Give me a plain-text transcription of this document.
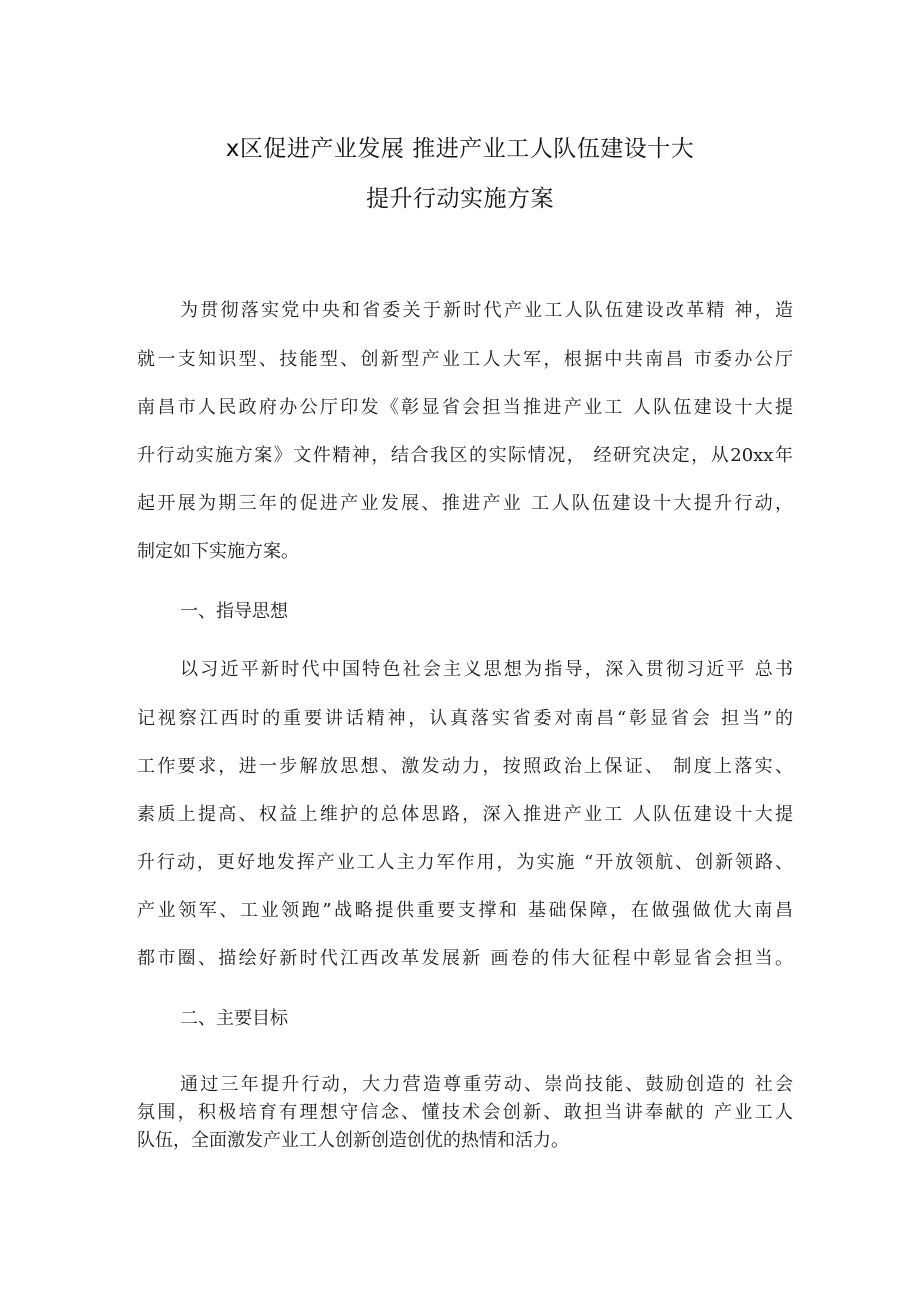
x区促进产业发展 推进产业工人队伍建设十大
提升行动实施方案
为贯彻落实党中央和省委关于新时代产业工人队伍建设改革精 神，造
就一支知识型、技能型、创新型产业工人大军，根据中共南昌 市委办公厅
南昌市人民政府办公厅印发《彰显省会担当推进产业工 人队伍建设十大提
升行动实施方案》文件精神，结合我区的实际情况， 经研究决定，从20xx年
起开展为期三年的促进产业发展、推进产业 工人队伍建设十大提升行动，
制定如下实施方案。
一、指导思想
以习近平新时代中国特色社会主义思想为指导，深入贯彻习近平 总书
记视察江西时的重要讲话精神，认真落实省委对南昌“彰显省会 担当”的
工作要求，进一步解放思想、激发动力，按照政治上保证、 制度上落实、
素质上提高、权益上维护的总体思路，深入推进产业工 人队伍建设十大提
升行动，更好地发挥产业工人主力军作用，为实施 “开放领航、创新领路、
产业领军、工业领跑”战略提供重要支撑和 基础保障，在做强做优大南昌
都市圈、描绘好新时代江西改革发展新 画卷的伟大征程中彰显省会担当。
二、主要目标
通过三年提升行动，大力营造尊重劳动、崇尚技能、鼓励创造的 社会
氛围，积极培育有理想守信念、懂技术会创新、敢担当讲奉献的 产业工人
队伍，全面激发产业工人创新创造创优的热情和活力。
